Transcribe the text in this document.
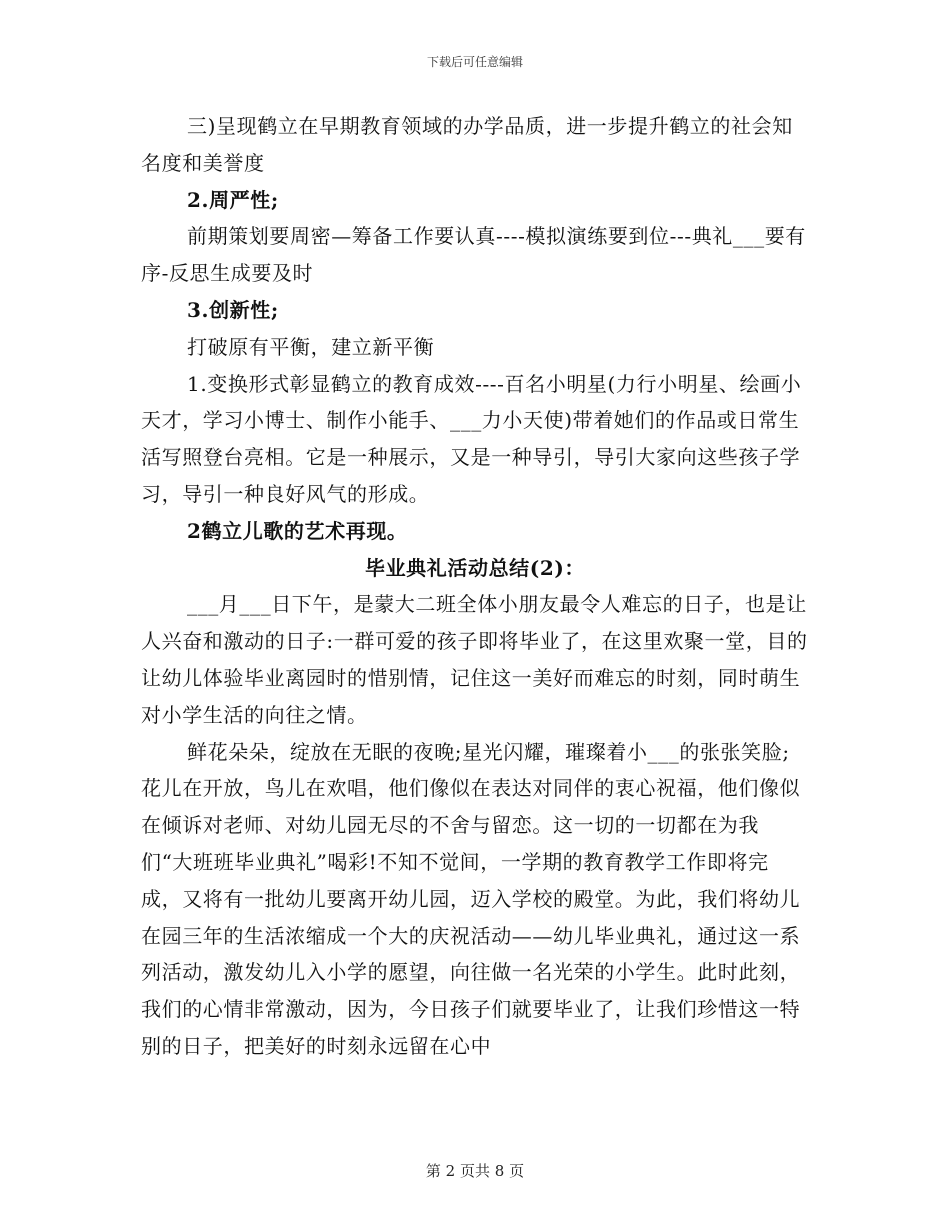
下载后可任意编辑

三)呈现鹤立在早期教育领域的办学品质，进一步提升鹤立的社会知名度和美誉度

2.周严性;

前期策划要周密—筹备工作要认真----模拟演练要到位---典礼___要有序-反思生成要及时

3.创新性;

打破原有平衡，建立新平衡

1.变换形式彰显鹤立的教育成效----百名小明星(力行小明星、绘画小天才，学习小博士、制作小能手、___力小天使)带着她们的作品或日常生活写照登台亮相。它是一种展示，又是一种导引，导引大家向这些孩子学习，导引一种良好风气的形成。

2鹤立儿歌的艺术再现。

毕业典礼活动总结(2)：

___月___日下午，是蒙大二班全体小朋友最令人难忘的日子，也是让人兴奋和激动的日子:一群可爱的孩子即将毕业了，在这里欢聚一堂，目的让幼儿体验毕业离园时的惜别情，记住这一美好而难忘的时刻，同时萌生对小学生活的向往之情。

鲜花朵朵，绽放在无眠的夜晚;星光闪耀，璀璨着小___的张张笑脸;花儿在开放，鸟儿在欢唱，他们像似在表达对同伴的衷心祝福，他们像似在倾诉对老师、对幼儿园无尽的不舍与留恋。这一切的一切都在为我们“大班班毕业典礼”喝彩!不知不觉间，一学期的教育教学工作即将完成，又将有一批幼儿要离开幼儿园，迈入学校的殿堂。为此，我们将幼儿在园三年的生活浓缩成一个大的庆祝活动——幼儿毕业典礼，通过这一系列活动，激发幼儿入小学的愿望，向往做一名光荣的小学生。此时此刻，我们的心情非常激动，因为，今日孩子们就要毕业了，让我们珍惜这一特别的日子，把美好的时刻永远留在心中

第 2 页共 8 页
